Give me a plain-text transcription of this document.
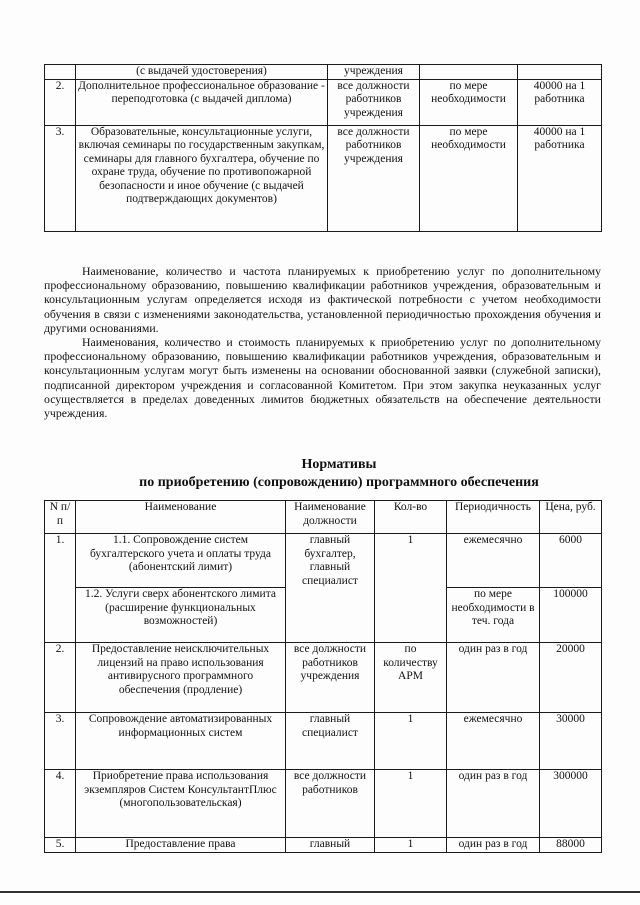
	(с выдачей удостоверения)	учреждения		
2.	Дополнительное профессиональное образование - переподготовка (с выдачей диплома)	все должности работников учреждения	по мере необходимости	40000 на 1 работника
3.	Образовательные, консультационные услуги, включая семинары по государственным закупкам, семинары для главного бухгалтера, обучение по охране труда, обучение по противопожарной безопасности и иное обучение (с выдачей подтверждающих документов)	все должности работников учреждения	по мере необходимости	40000 на 1 работника

Наименование, количество и частота планируемых к приобретению услуг по дополнительному профессиональному образованию, повышению квалификации работников учреждения, образовательным и консультационным услугам определяется исходя из фактической потребности с учетом необходимости обучения в связи с изменениями законодательства, установленной периодичностью прохождения обучения и другими основаниями.

Наименования, количество и стоимость планируемых к приобретению услуг по дополнительному профессиональному образованию, повышению квалификации работников учреждения, образовательным и консультационным услугам могут быть изменены на основании обоснованной заявки (служебной записки), подписанной директором учреждения и согласованной Комитетом. При этом закупка неуказанных услуг осуществляется в пределах доведенных лимитов бюджетных обязательств на обеспечение деятельности учреждения.

Нормативы
по приобретению (сопровождению) программного обеспечения
N п/п	Наименование	Наименование должности	Кол-во	Периодичность	Цена, руб.
1.	1.1. Сопровождение систем бухгалтерского учета и оплаты труда (абонентский лимит)	главный бухгалтер, главный специалист	1	ежемесячно	6000
	1.2. Услуги сверх абонентского лимита (расширение функциональных возможностей)			по мере необходимости в теч. года	100000
2.	Предоставление неисключительных лицензий на право использования антивирусного программного обеспечения (продление)	все должности работников учреждения	по количеству АРМ	один раз в год	20000
3.	Сопровождение автоматизированных информационных систем	главный специалист	1	ежемесячно	30000
4.	Приобретение права использования экземпляров Систем КонсультантПлюс (многопользовательская)	все должности работников	1	один раз в год	300000
5.	Предоставление права	главный	1	один раз в год	88000
